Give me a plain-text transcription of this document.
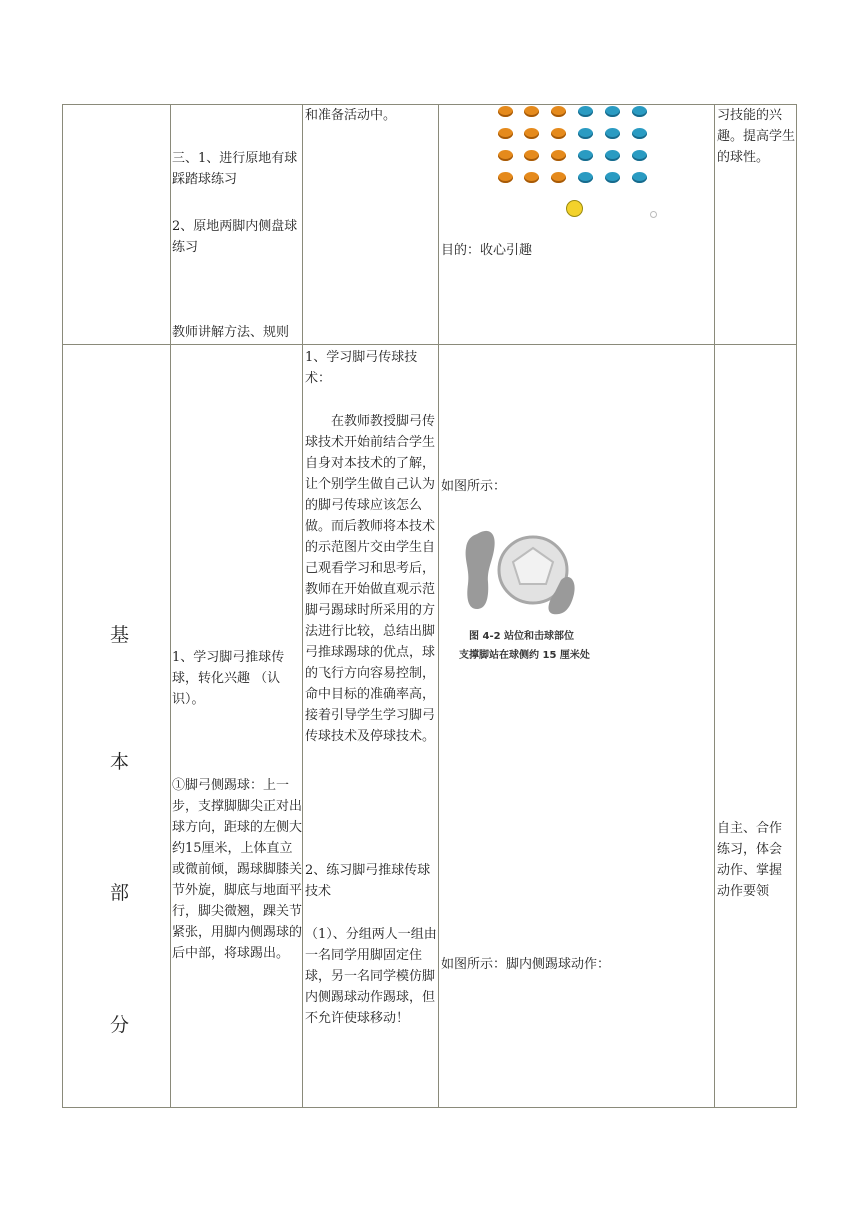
三、1、进行原地有球踩踏球练习
2、原地两脚内侧盘球练习
教师讲解方法、规则
和准备活动中。
目的：收心引趣
习技能的兴趣。提高学生的球性。
基
本
部
分
1、学习脚弓推球传球，转化兴趣 （认识）。
①脚弓侧踢球：上一步，支撑脚脚尖正对出球方向，距球的左侧大约15厘米，上体直立或微前倾，踢球脚膝关节外旋，脚底与地面平行，脚尖微翘，踝关节紧张，用脚内侧踢球的后中部，将球踢出。
1、学习脚弓传球技术：
在教师教授脚弓传球技术开始前结合学生自身对本技术的了解，让个别学生做自己认为的脚弓传球应该怎么做。而后教师将本技术的示范图片交由学生自己观看学习和思考后，教师在开始做直观示范脚弓踢球时所采用的方法进行比较，总结出脚弓推球踢球的优点，球的飞行方向容易控制，命中目标的准确率高，接着引导学生学习脚弓传球技术及停球技术。
2、练习脚弓推球传球技术
（1）、分组两人一组由一名同学用脚固定住球，另一名同学模仿脚内侧踢球动作踢球，但不允许使球移动！
如图所示：
图 4-2 站位和击球部位
支撑脚站在球侧约 15 厘米处
如图所示：脚内侧踢球动作：
自主、合作练习，体会动作、掌握动作要领
